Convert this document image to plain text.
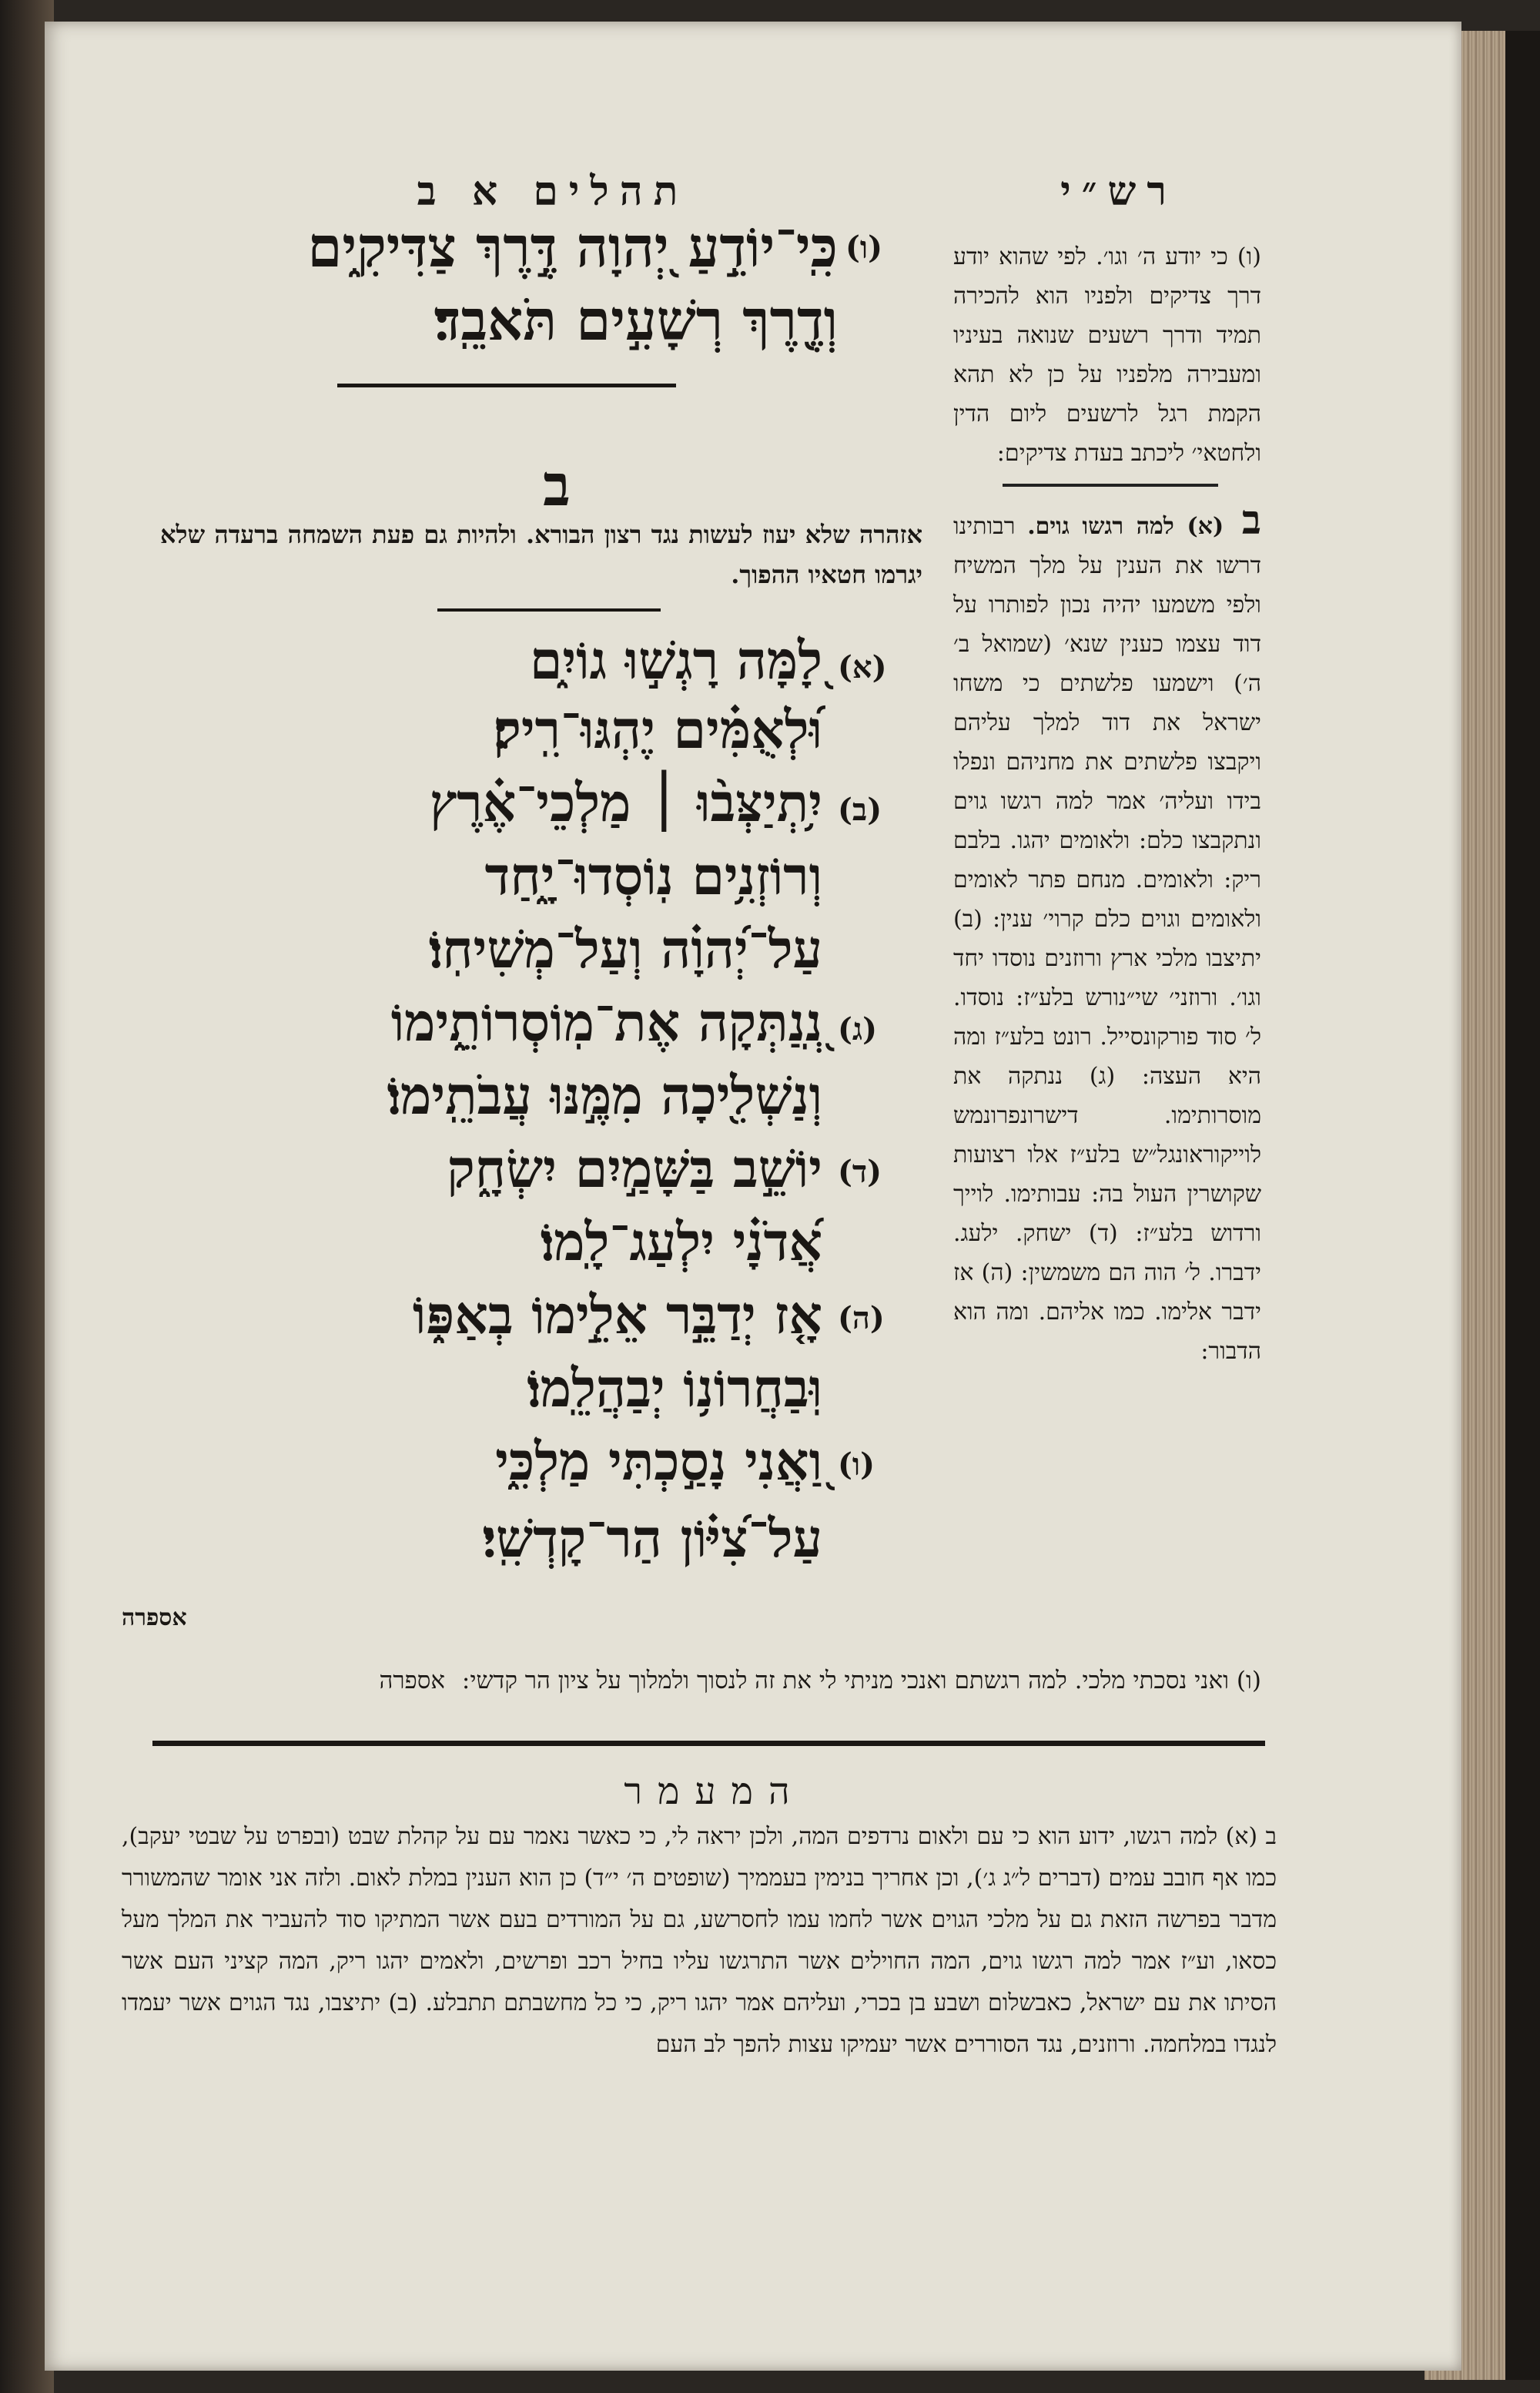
רש״י
תהלים א ב
(ו)
כִּֽי־יוֹדֵ֣עַ יְ֭הוָה דֶּ֣רֶךְ צַדִּיקִ֑ים
וְדֶ֖רֶךְ רְשָׁעִ֣ים תֹּאבֵֽד׃
ב
אזהרה שלא יעוז לעשות נגד רצון הבורא. ולהיות גם פעת השמחה ברעדה שלא יגרמו חטאיו ההפוך.
(א)
לָ֭מָּה רָגְשׁ֣וּ גוֹיִ֑ם
וּ֝לְאֻמִּ֗ים יֶהְגּוּ־רִֽיק׃
(ב)
יִ֥תְיַצְּב֨וּ ׀ מַלְכֵי־אֶ֗רֶץ
וְרוֹזְנִ֥ים נֽוֹסְדוּ־יָ֑חַד
עַל־יְ֝הוָ֗ה וְעַל־מְשִׁיחֽוֹ׃
(ג)
נְֽ֭נַתְּקָה אֶת־מֽוֹסְרוֹתֵ֑ימוֹ
וְנַשְׁלִ֖יכָה מִמֶּ֣נּוּ עֲבֹתֵֽימוֹ׃
(ד)
יוֹשֵׁ֣ב בַּשָּׁמַ֣יִם יִשְׂחָ֑ק
אֲ֝דֹנָ֗י יִלְעַג־לָֽמוֹ׃
(ה)
אָ֤ז יְדַבֵּ֣ר אֵלֵ֣ימוֹ בְאַפּ֑וֹ
וּֽבַחֲרוֹנ֥וֹ יְבַהֲלֵֽמוֹ׃
(ו)
וַ֭אֲנִי נָסַ֣כְתִּי מַלְכִּ֑י
עַל־צִ֝יּ֗וֹן הַר־קָדְשִֽׁי׃
אספרה

(ו) כי יודע ה׳ וגו׳. לפי שהוא יודע דרך צדיקים ולפניו הוא להכירה תמיד ודרך רשעים שנואה בעיניו ומעבירה מלפניו על כן לא תהא הקמת רגל לרשעים ליום הדין ולחטאי׳ ליכתב בעדת צדיקים:

ב (א) למה רגשו גוים. רבותינו דרשו את הענין על מלך המשיח ולפי משמעו יהיה נכון לפותרו על דוד עצמו כענין שנא׳ (שמואל ב׳ ה׳) וישמעו פלשתים כי משחו ישראל את דוד למלך עליהם ויקבצו פלשתים את מחניהם ונפלו בידו ועליה׳ אמר למה רגשו גוים ונתקבצו כלם: ולאומים יהגו. בלבם ריק: ולאומים. מנחם פתר לאומים ולאומים וגוים כלם קרוי׳ ענין: (ב) יתיצבו מלכי ארץ ורוזנים נוסדו יחד וגו׳. ורוזני׳ שי״נורש בלע״ז: נוסדו. ל׳ סוד פורקונסייל. רונט בלע״ז ומה היא העצה: (ג) ננתקה את מוסרותימו. דישרונפרונמש לוייקוראונגל״ש בלע״ז אלו רצועות שקושרין העול בה: עבותימו. לוייך ורדוש בלע״ז: (ד) ישחק. ילעג. ידברו. ל׳ הוה הם משמשין: (ה) אז ידבר אלימו. כמו אליהם. ומה הוא הדבור:

(ו) ואני נסכתי מלכי. למה רגשתם ואנכי מניתי לי את זה לנסוך ולמלוך על ציון הר קדשי: אספרה
המעמר
ב (א) למה רגשו, ידוע הוא כי עם ולאום נרדפים המה, ולכן יראה לי, כי כאשר נאמר עם על קהלת שבט (ובפרט על שבטי יעקב), כמו אף חובב עמים (דברים ל״ג ג׳), וכן אחריך בנימין בעממיך (שופטים ה׳ י״ד) כן הוא הענין במלת לאום. ולזה אני אומר שהמשורר מדבר בפרשה הזאת גם על מלכי הגוים אשר לחמו עמו לחסרשע, גם על המורדים בעם אשר המתיקו סוד להעביר את המלך מעל כסאו, וע״ז אמר למה רגשו גוים, המה החוילים אשר התרגשו עליו בחיל רכב ופרשים, ולאמים יהגו ריק, המה קציני העם אשר הסיתו את עם ישראל, כאבשלום ושבע בן בכרי, ועליהם אמר יהגו ריק, כי כל מחשבתם תתבלע. (ב) יתיצבו, נגד הגוים אשר יעמדו לנגדו במלחמה. ורוזנים, נגד הסוררים אשר יעמיקו עצות להפך לב העם
